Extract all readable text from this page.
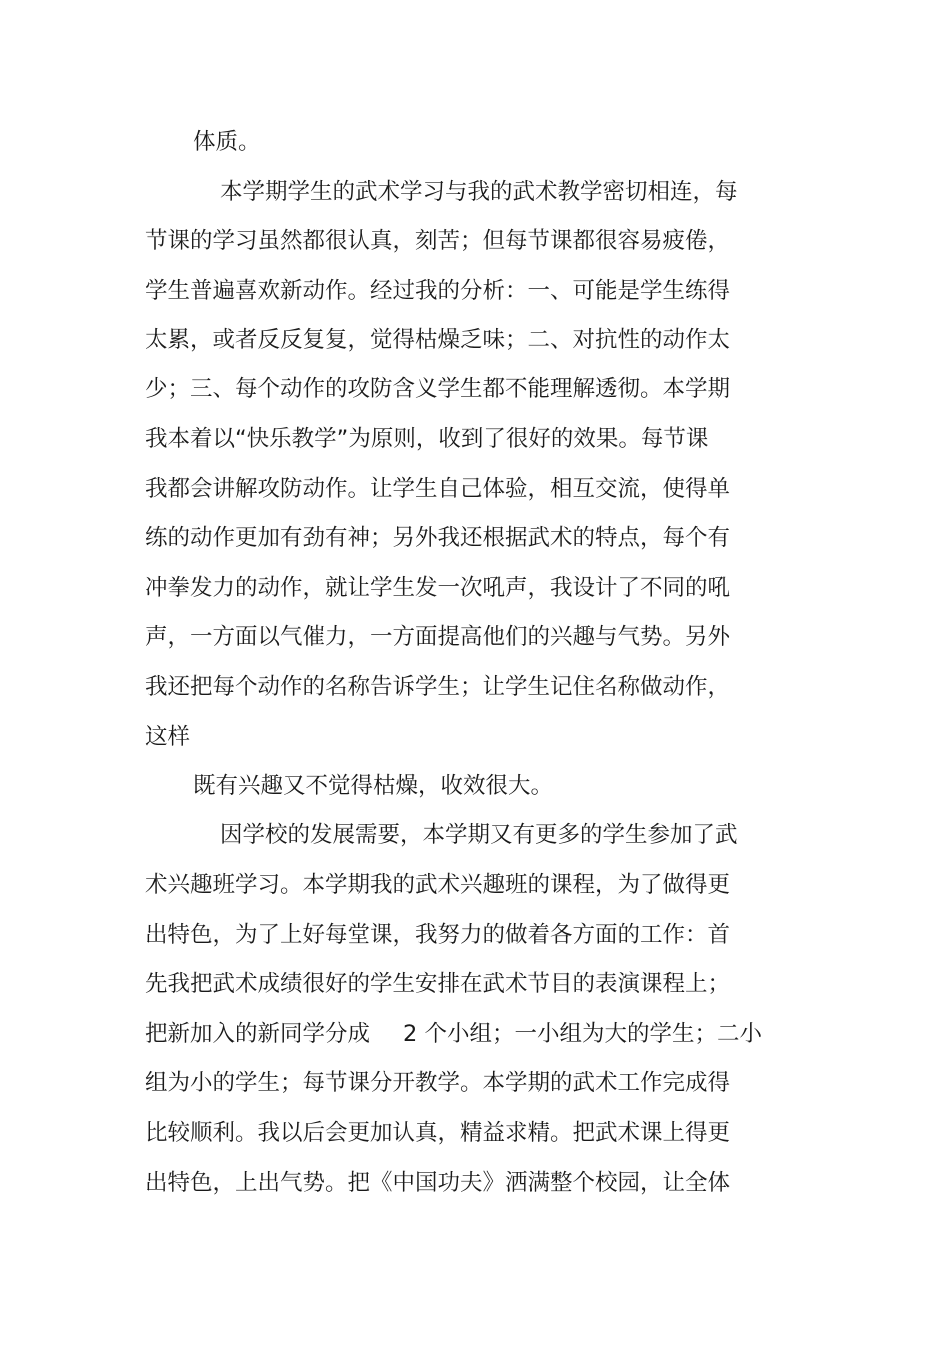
体质。
本学期学生的武术学习与我的武术教学密切相连，每
节课的学习虽然都很认真，刻苦；但每节课都很容易疲倦，
学生普遍喜欢新动作。经过我的分析：一、可能是学生练得
太累，或者反反复复，觉得枯燥乏味；二、对抗性的动作太
少；三、每个动作的攻防含义学生都不能理解透彻。本学期
我本着以“快乐教学”为原则，收到了很好的效果。每节课
我都会讲解攻防动作。让学生自己体验，相互交流，使得单
练的动作更加有劲有神；另外我还根据武术的特点，每个有
冲拳发力的动作，就让学生发一次吼声，我设计了不同的吼
声，一方面以气催力，一方面提高他们的兴趣与气势。另外
我还把每个动作的名称告诉学生；让学生记住名称做动作，
这样
既有兴趣又不觉得枯燥，收效很大。
因学校的发展需要，本学期又有更多的学生参加了武
术兴趣班学习。本学期我的武术兴趣班的课程，为了做得更
出特色，为了上好每堂课，我努力的做着各方面的工作：首
先我把武术成绩很好的学生安排在武术节目的表演课程上；
把新加入的新同学分成 2 个小组；一小组为大的学生；二小
组为小的学生；每节课分开教学。本学期的武术工作完成得
比较顺利。我以后会更加认真，精益求精。把武术课上得更
出特色，上出气势。把《中国功夫》洒满整个校园，让全体
